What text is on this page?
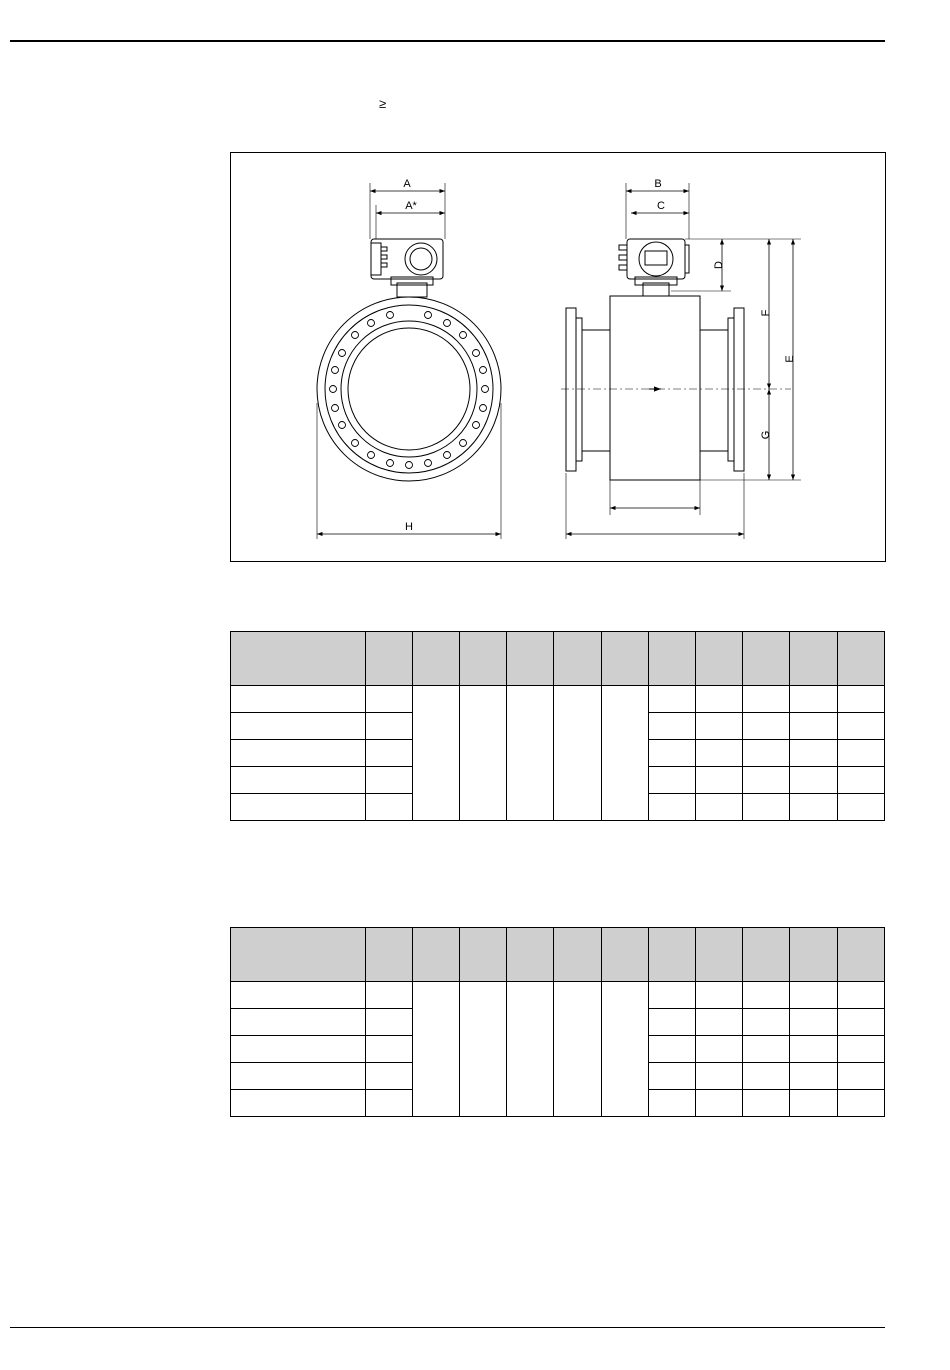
≥
A
A*
H
B
C
D
F
G
E
